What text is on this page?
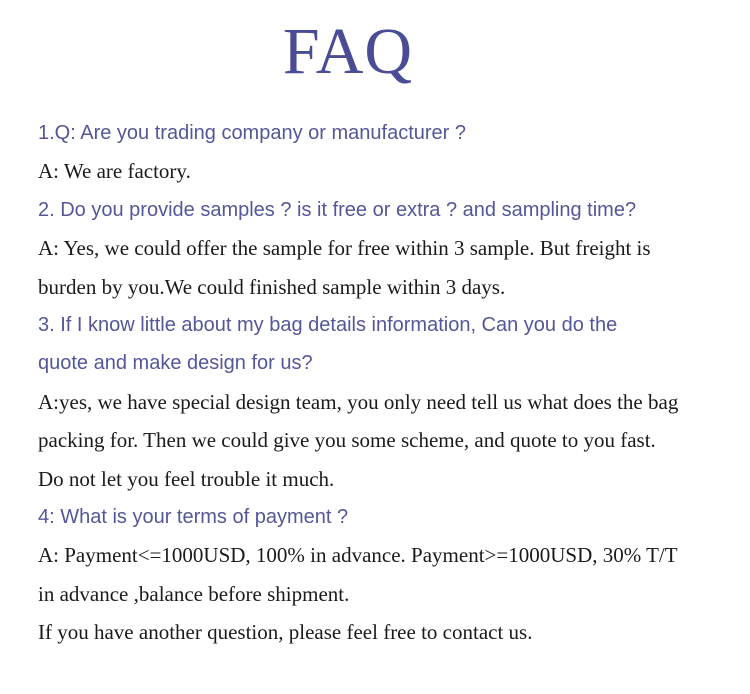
FAQ

1.Q: Are you trading company or manufacturer ?

A: We are factory.

2. Do you provide samples ? is it free or extra ? and sampling time?

A: Yes, we could offer the sample for free within 3 sample. But freight is

burden by you.We could finished sample within 3 days.

3. If I know little about my bag details information, Can you do the

quote and make design for us?

A:yes, we have special design team, you only need tell us what does the bag

packing for. Then we could give you some scheme, and quote to you fast.

Do not let you feel trouble it much.

4: What is your terms of payment ?

A: Payment<=1000USD, 100% in advance. Payment>=1000USD, 30% T/T

in advance ,balance before shipment.

If you have another question, please feel free to contact us.
